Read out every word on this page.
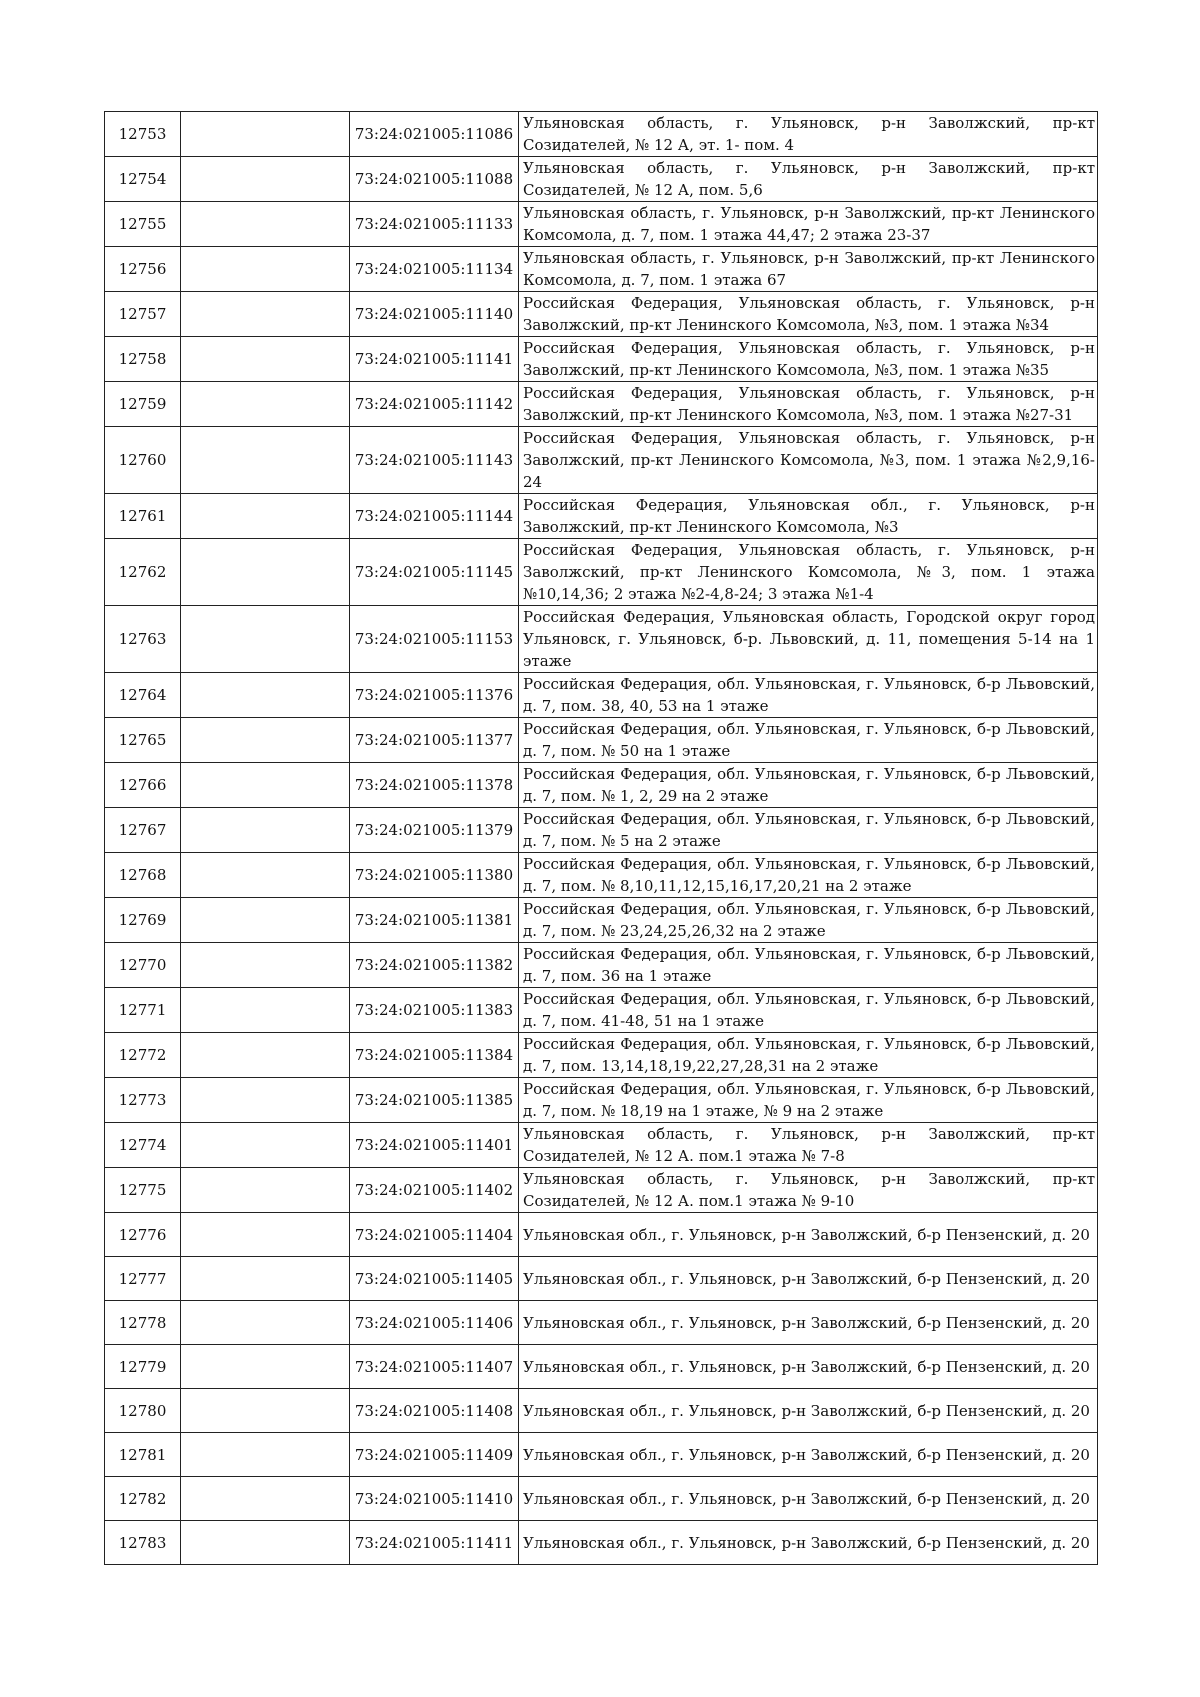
12753		73:24:021005:11086	Ульяновская область, г. Ульяновск, р-н Заволжский, пр-кт Созидателей, № 12 А, эт. 1- пом. 4
12754		73:24:021005:11088	Ульяновская область, г. Ульяновск, р-н Заволжский, пр-кт Созидателей, № 12 А, пом. 5,6
12755		73:24:021005:11133	Ульяновская область, г. Ульяновск, р-н Заволжский, пр-кт Ленинского Комсомола, д. 7, пом. 1 этажа 44,47; 2 этажа 23-37
12756		73:24:021005:11134	Ульяновская область, г. Ульяновск, р-н Заволжский, пр-кт Ленинского Комсомола, д. 7, пом. 1 этажа 67
12757		73:24:021005:11140	Российская Федерация, Ульяновская область, г. Ульяновск, р-н Заволжский, пр-кт Ленинского Комсомола, №3, пом. 1 этажа №34
12758		73:24:021005:11141	Российская Федерация, Ульяновская область, г. Ульяновск, р-н Заволжский, пр-кт Ленинского Комсомола, №3, пом. 1 этажа №35
12759		73:24:021005:11142	Российская Федерация, Ульяновская область, г. Ульяновск, р-н Заволжский, пр-кт Ленинского Комсомола, №3, пом. 1 этажа №27-31
12760		73:24:021005:11143	Российская Федерация, Ульяновская область, г. Ульяновск, р-н Заволжский, пр-кт Ленинского Комсомола, №3, пом. 1 этажа №2,9,16-24
12761		73:24:021005:11144	Российская Федерация, Ульяновская обл., г. Ульяновск, р-н Заволжский, пр-кт Ленинского Комсомола, №3
12762		73:24:021005:11145	Российская Федерация, Ульяновская область, г. Ульяновск, р-н Заволжский, пр-кт Ленинского Комсомола, №3, пом. 1 этажа №10,14,36; 2 этажа №2-4,8-24; 3 этажа №1-4
12763		73:24:021005:11153	Российская Федерация, Ульяновская область, Городской округ город Ульяновск, г. Ульяновск, б-р. Львовский, д. 11, помещения 5-14 на 1 этаже
12764		73:24:021005:11376	Российская Федерация, обл. Ульяновская, г. Ульяновск, б-р Львовский, д. 7, пом. 38, 40, 53 на 1 этаже
12765		73:24:021005:11377	Российская Федерация, обл. Ульяновская, г. Ульяновск, б-р Львовский, д. 7, пом. № 50 на 1 этаже
12766		73:24:021005:11378	Российская Федерация, обл. Ульяновская, г. Ульяновск, б-р Львовский, д. 7, пом. № 1, 2, 29 на 2 этаже
12767		73:24:021005:11379	Российская Федерация, обл. Ульяновская, г. Ульяновск, б-р Львовский, д. 7, пом. № 5 на 2 этаже
12768		73:24:021005:11380	Российская Федерация, обл. Ульяновская, г. Ульяновск, б-р Львовский, д. 7, пом. № 8,10,11,12,15,16,17,20,21 на 2 этаже
12769		73:24:021005:11381	Российская Федерация, обл. Ульяновская, г. Ульяновск, б-р Львовский, д. 7, пом. № 23,24,25,26,32 на 2 этаже
12770		73:24:021005:11382	Российская Федерация, обл. Ульяновская, г. Ульяновск, б-р Львовский, д. 7, пом. 36 на 1 этаже
12771		73:24:021005:11383	Российская Федерация, обл. Ульяновская, г. Ульяновск, б-р Львовский, д. 7, пом. 41-48, 51 на 1 этаже
12772		73:24:021005:11384	Российская Федерация, обл. Ульяновская, г. Ульяновск, б-р Львовский, д. 7, пом. 13,14,18,19,22,27,28,31 на 2 этаже
12773		73:24:021005:11385	Российская Федерация, обл. Ульяновская, г. Ульяновск, б-р Львовский, д. 7, пом. № 18,19 на 1 этаже, № 9 на 2 этаже
12774		73:24:021005:11401	Ульяновская область, г. Ульяновск, р-н Заволжский, пр-кт Созидателей, № 12 А. пом.1 этажа № 7-8
12775		73:24:021005:11402	Ульяновская область, г. Ульяновск, р-н Заволжский, пр-кт Созидателей, № 12 А. пом.1 этажа № 9-10
12776		73:24:021005:11404	Ульяновская обл., г. Ульяновск, р-н Заволжский, б-р Пензенский, д. 20
12777		73:24:021005:11405	Ульяновская обл., г. Ульяновск, р-н Заволжский, б-р Пензенский, д. 20
12778		73:24:021005:11406	Ульяновская обл., г. Ульяновск, р-н Заволжский, б-р Пензенский, д. 20
12779		73:24:021005:11407	Ульяновская обл., г. Ульяновск, р-н Заволжский, б-р Пензенский, д. 20
12780		73:24:021005:11408	Ульяновская обл., г. Ульяновск, р-н Заволжский, б-р Пензенский, д. 20
12781		73:24:021005:11409	Ульяновская обл., г. Ульяновск, р-н Заволжский, б-р Пензенский, д. 20
12782		73:24:021005:11410	Ульяновская обл., г. Ульяновск, р-н Заволжский, б-р Пензенский, д. 20
12783		73:24:021005:11411	Ульяновская обл., г. Ульяновск, р-н Заволжский, б-р Пензенский, д. 20
